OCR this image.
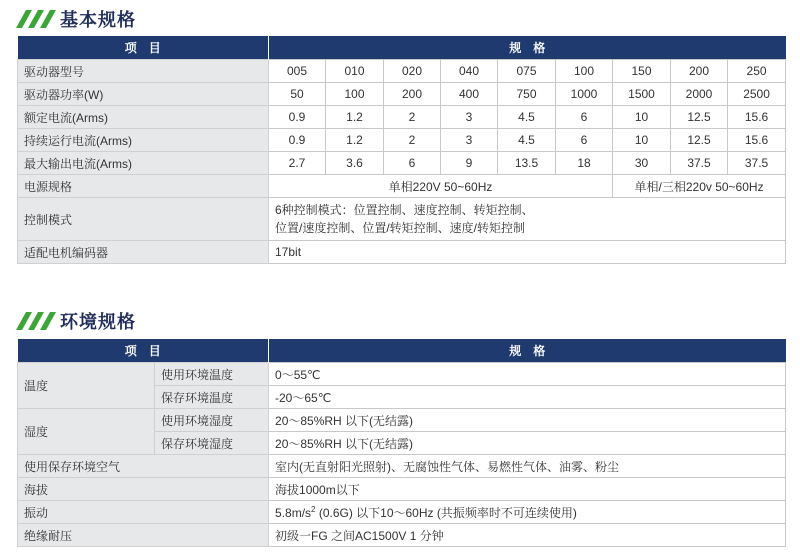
基本规格
项　目	规　格								
驱动器型号	005	010	020	040	075	100	150	200	250
驱动器功率(W)	50	100	200	400	750	1000	1500	2000	2500
额定电流(Arms)	0.9	1.2	2	3	4.5	6	10	12.5	15.6
持续运行电流(Arms)	0.9	1.2	2	3	4.5	6	10	12.5	15.6
最大输出电流(Arms)	2.7	3.6	6	9	13.5	18	30	37.5	37.5
电源规格	单相220V 50~60Hz						单相/三相220v 50~60Hz		
控制模式	6种控制模式：位置控制、速度控制、转矩控制、
位置/速度控制、位置/转矩控制、速度/转矩控制								

适配电机编码器	17bit								
环境规格
项　目		规　格
温度	使用环境温度	0～55℃
	保存环境温度	-20～65℃
湿度	使用环境湿度	20～85%RH 以下(无结露)
	保存环境湿度	20～85%RH 以下(无结露)
使用保存环境空气		室内(无直射阳光照射)、无腐蚀性气体、易燃性气体、油雾、粉尘
海拔		海拔1000m以下
振动		$5.8m/s^2$ (0.6G) 以下10～60Hz (共振频率时不可连续使用)
绝缘耐压		初级一FG 之间AC1500V 1 分钟
